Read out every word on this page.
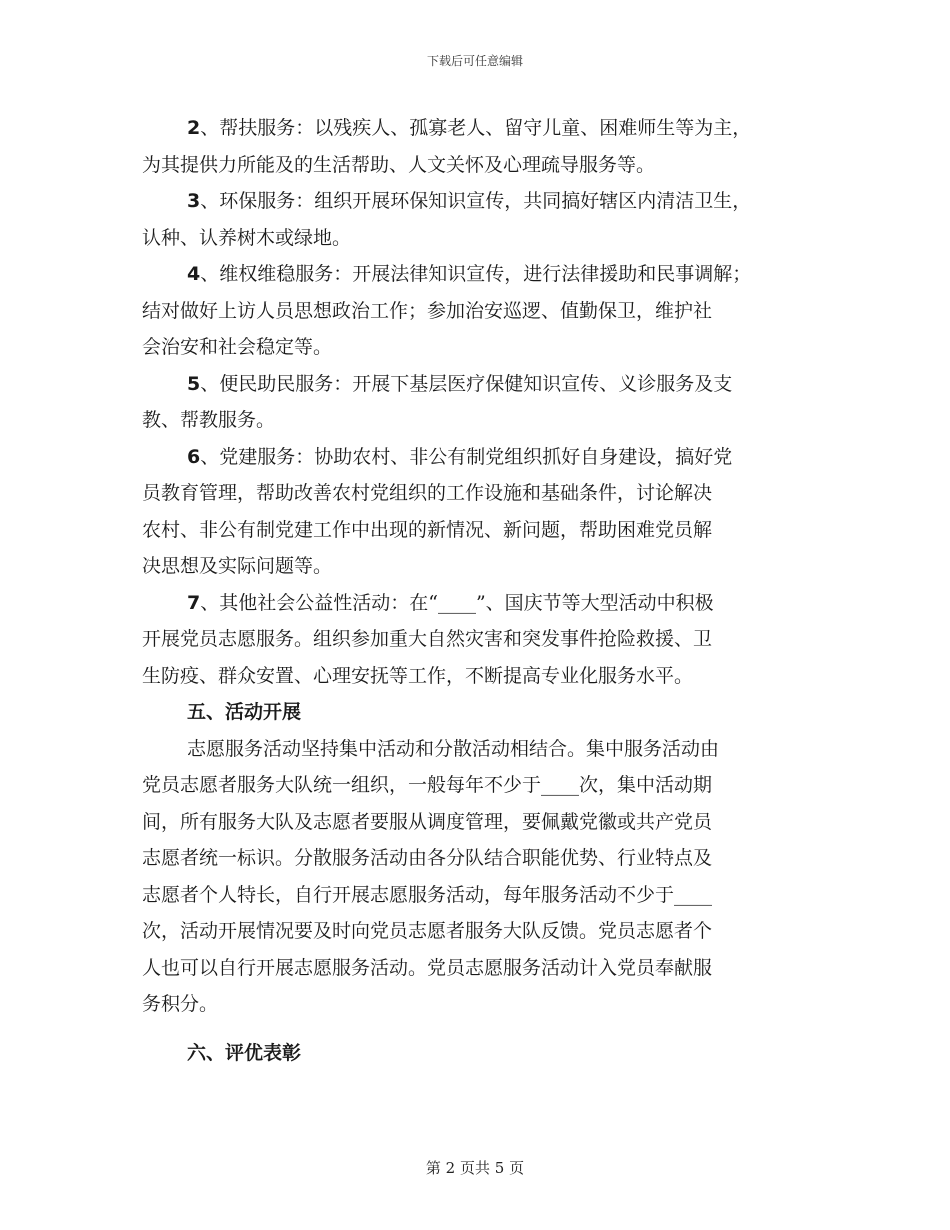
下载后可任意编辑
2、帮扶服务：以残疾人、孤寡老人、留守儿童、困难师生等为主，
为其提供力所能及的生活帮助、人文关怀及心理疏导服务等。
3、环保服务：组织开展环保知识宣传，共同搞好辖区内清洁卫生，
认种、认养树木或绿地。
4、维权维稳服务：开展法律知识宣传，进行法律援助和民事调解；
结对做好上访人员思想政治工作；参加治安巡逻、值勤保卫，维护社
会治安和社会稳定等。
5、便民助民服务：开展下基层医疗保健知识宣传、义诊服务及支
教、帮教服务。
6、党建服务：协助农村、非公有制党组织抓好自身建设，搞好党
员教育管理，帮助改善农村党组织的工作设施和基础条件，讨论解决
农村、非公有制党建工作中出现的新情况、新问题，帮助困难党员解
决思想及实际问题等。
7、其他社会公益性活动：在“____”、国庆节等大型活动中积极
开展党员志愿服务。组织参加重大自然灾害和突发事件抢险救援、卫
生防疫、群众安置、心理安抚等工作，不断提高专业化服务水平。
五、活动开展
志愿服务活动坚持集中活动和分散活动相结合。集中服务活动由
党员志愿者服务大队统一组织，一般每年不少于____次，集中活动期
间，所有服务大队及志愿者要服从调度管理，要佩戴党徽或共产党员
志愿者统一标识。分散服务活动由各分队结合职能优势、行业特点及
志愿者个人特长，自行开展志愿服务活动，每年服务活动不少于____
次，活动开展情况要及时向党员志愿者服务大队反馈。党员志愿者个
人也可以自行开展志愿服务活动。党员志愿服务活动计入党员奉献服
务积分。
六、评优表彰
第 2 页共 5 页
